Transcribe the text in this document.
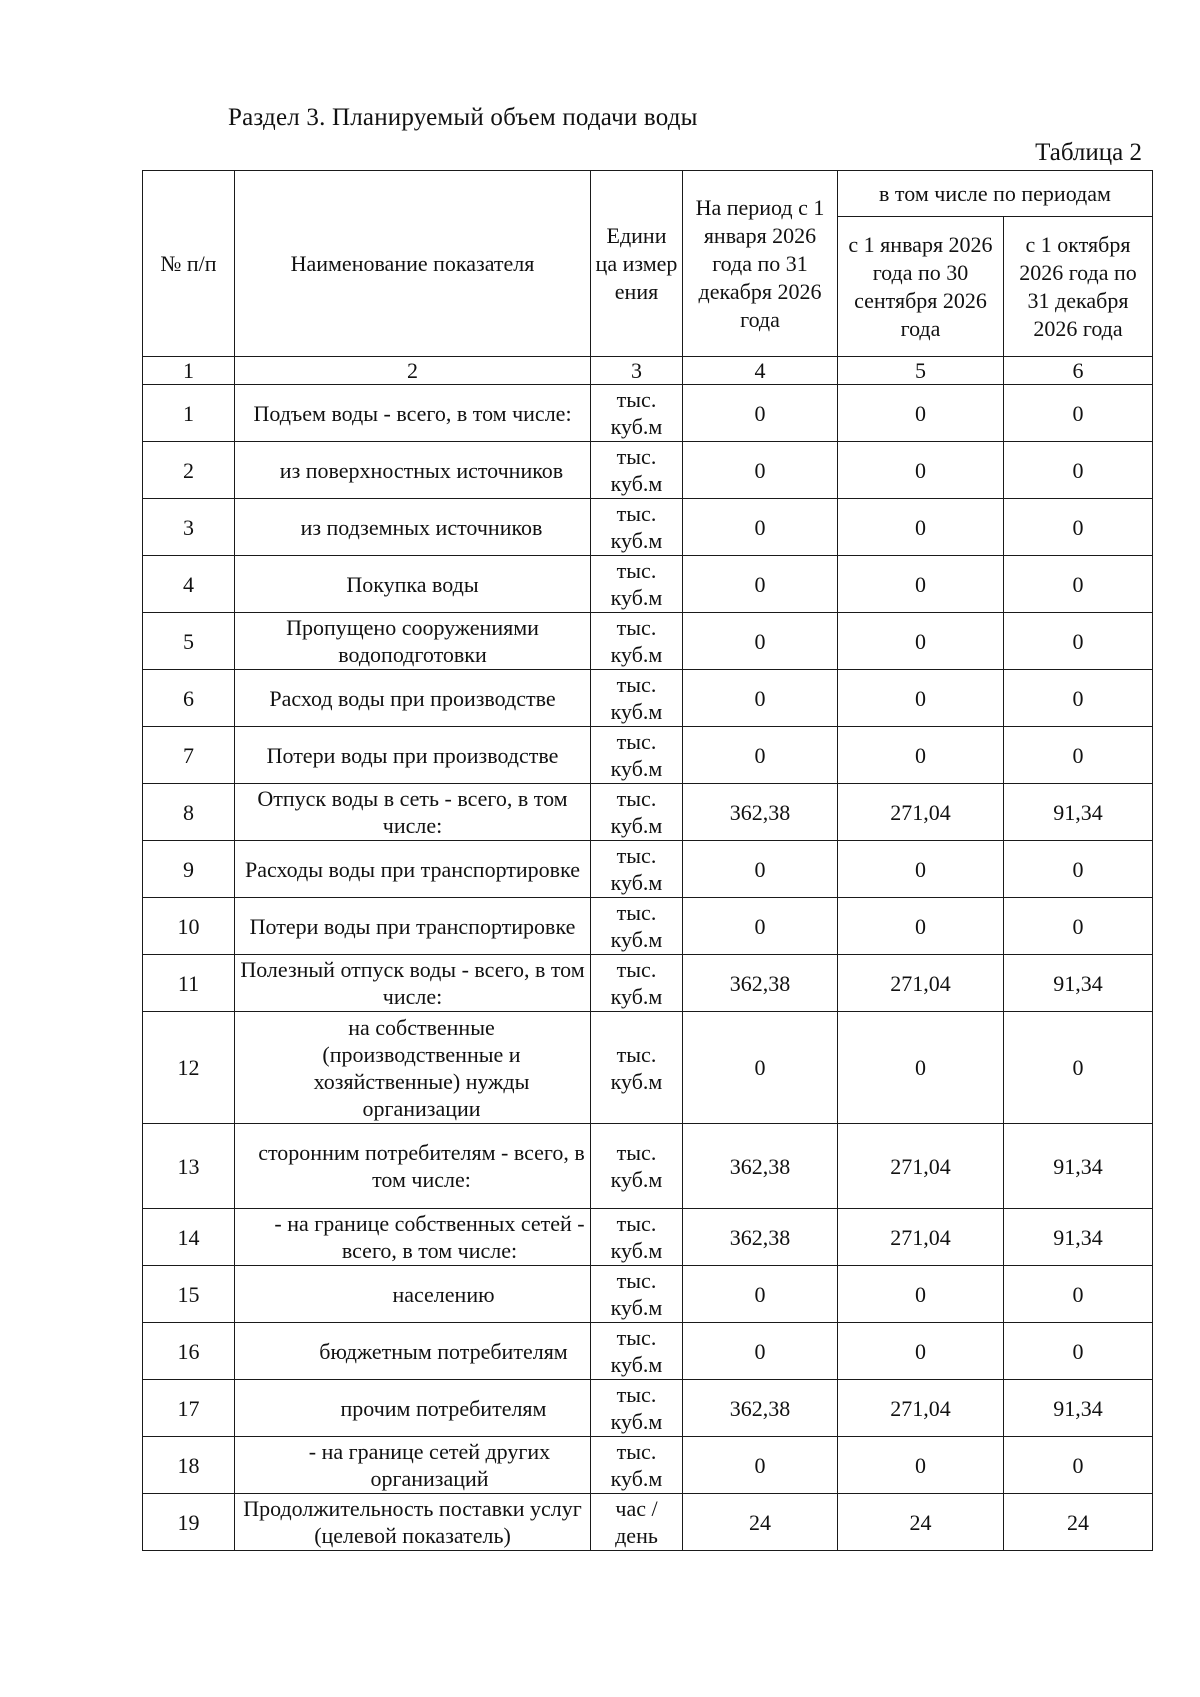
Раздел 3. Планируемый объем подачи воды
Таблица 2
№ п/п	Наименование показателя	Едини ца измер ения	На период с 1 января 2026 года по 31 декабря 2026 года	в том числе по периодам	
				с 1 января 2026 года по 30 сентября 2026 года	с 1 октября 2026 года по 31 декабря 2026 года
1	2	3	4	5	6
1	Подъем воды - всего, в том числе:	тыс. куб.м	0	0	0
2	из поверхностных источников	тыс. куб.м	0	0	0
3	из подземных источников	тыс. куб.м	0	0	0
4	Покупка воды	тыс. куб.м	0	0	0
5	Пропущено сооружениями водоподготовки	тыс. куб.м	0	0	0
6	Расход воды при производстве	тыс. куб.м	0	0	0
7	Потери воды при производстве	тыс. куб.м	0	0	0
8	Отпуск воды в сеть - всего, в том числе:	тыс. куб.м	362,38	271,04	91,34
9	Расходы воды при транспортировке	тыс. куб.м	0	0	0
10	Потери воды при транспортировке	тыс. куб.м	0	0	0
11	Полезный отпуск воды - всего, в том числе:	тыс. куб.м	362,38	271,04	91,34
12	на собственные (производственные и хозяйственные) нужды организации	тыс. куб.м	0	0	0
13	сторонним потребителям - всего, в том числе:	тыс. куб.м	362,38	271,04	91,34
14	- на границе собственных сетей - всего, в том числе:	тыс. куб.м	362,38	271,04	91,34
15	населению	тыс. куб.м	0	0	0
16	бюджетным потребителям	тыс. куб.м	0	0	0
17	прочим потребителям	тыс. куб.м	362,38	271,04	91,34
18	- на границе сетей других организаций	тыс. куб.м	0	0	0
19	Продолжительность поставки услуг (целевой показатель)	час /день	24	24	24
